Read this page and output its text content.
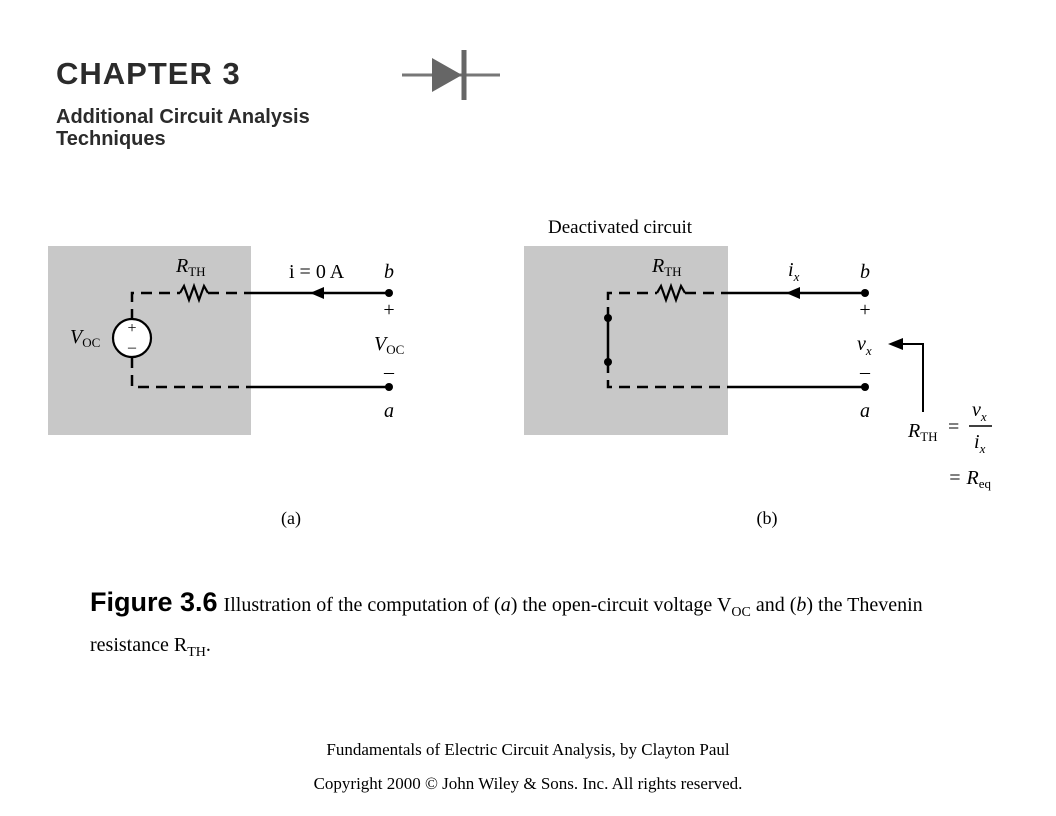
CHAPTER 3
Additional Circuit Analysis
Techniques
+
–
$R_{TH}$	i = 0 A b
+
$V_{OC}$
–
a
$V_{OC}$
(a)
Deactivated circuit
$R_{TH}$	$i_x$	b
+
$v_x$
–
a
$R_{TH}$ =
$v_x$
$i_x$
= $R_{eq}$
(b)
Figure 3.6 Illustration of the computation of (a) the open-circuit voltage $V_{OC}$ and (b) the Thevenin resistance $R_{TH}$.
Fundamentals of Electric Circuit Analysis, by Clayton Paul
Copyright 2000 © John Wiley & Sons. Inc. All rights reserved.
